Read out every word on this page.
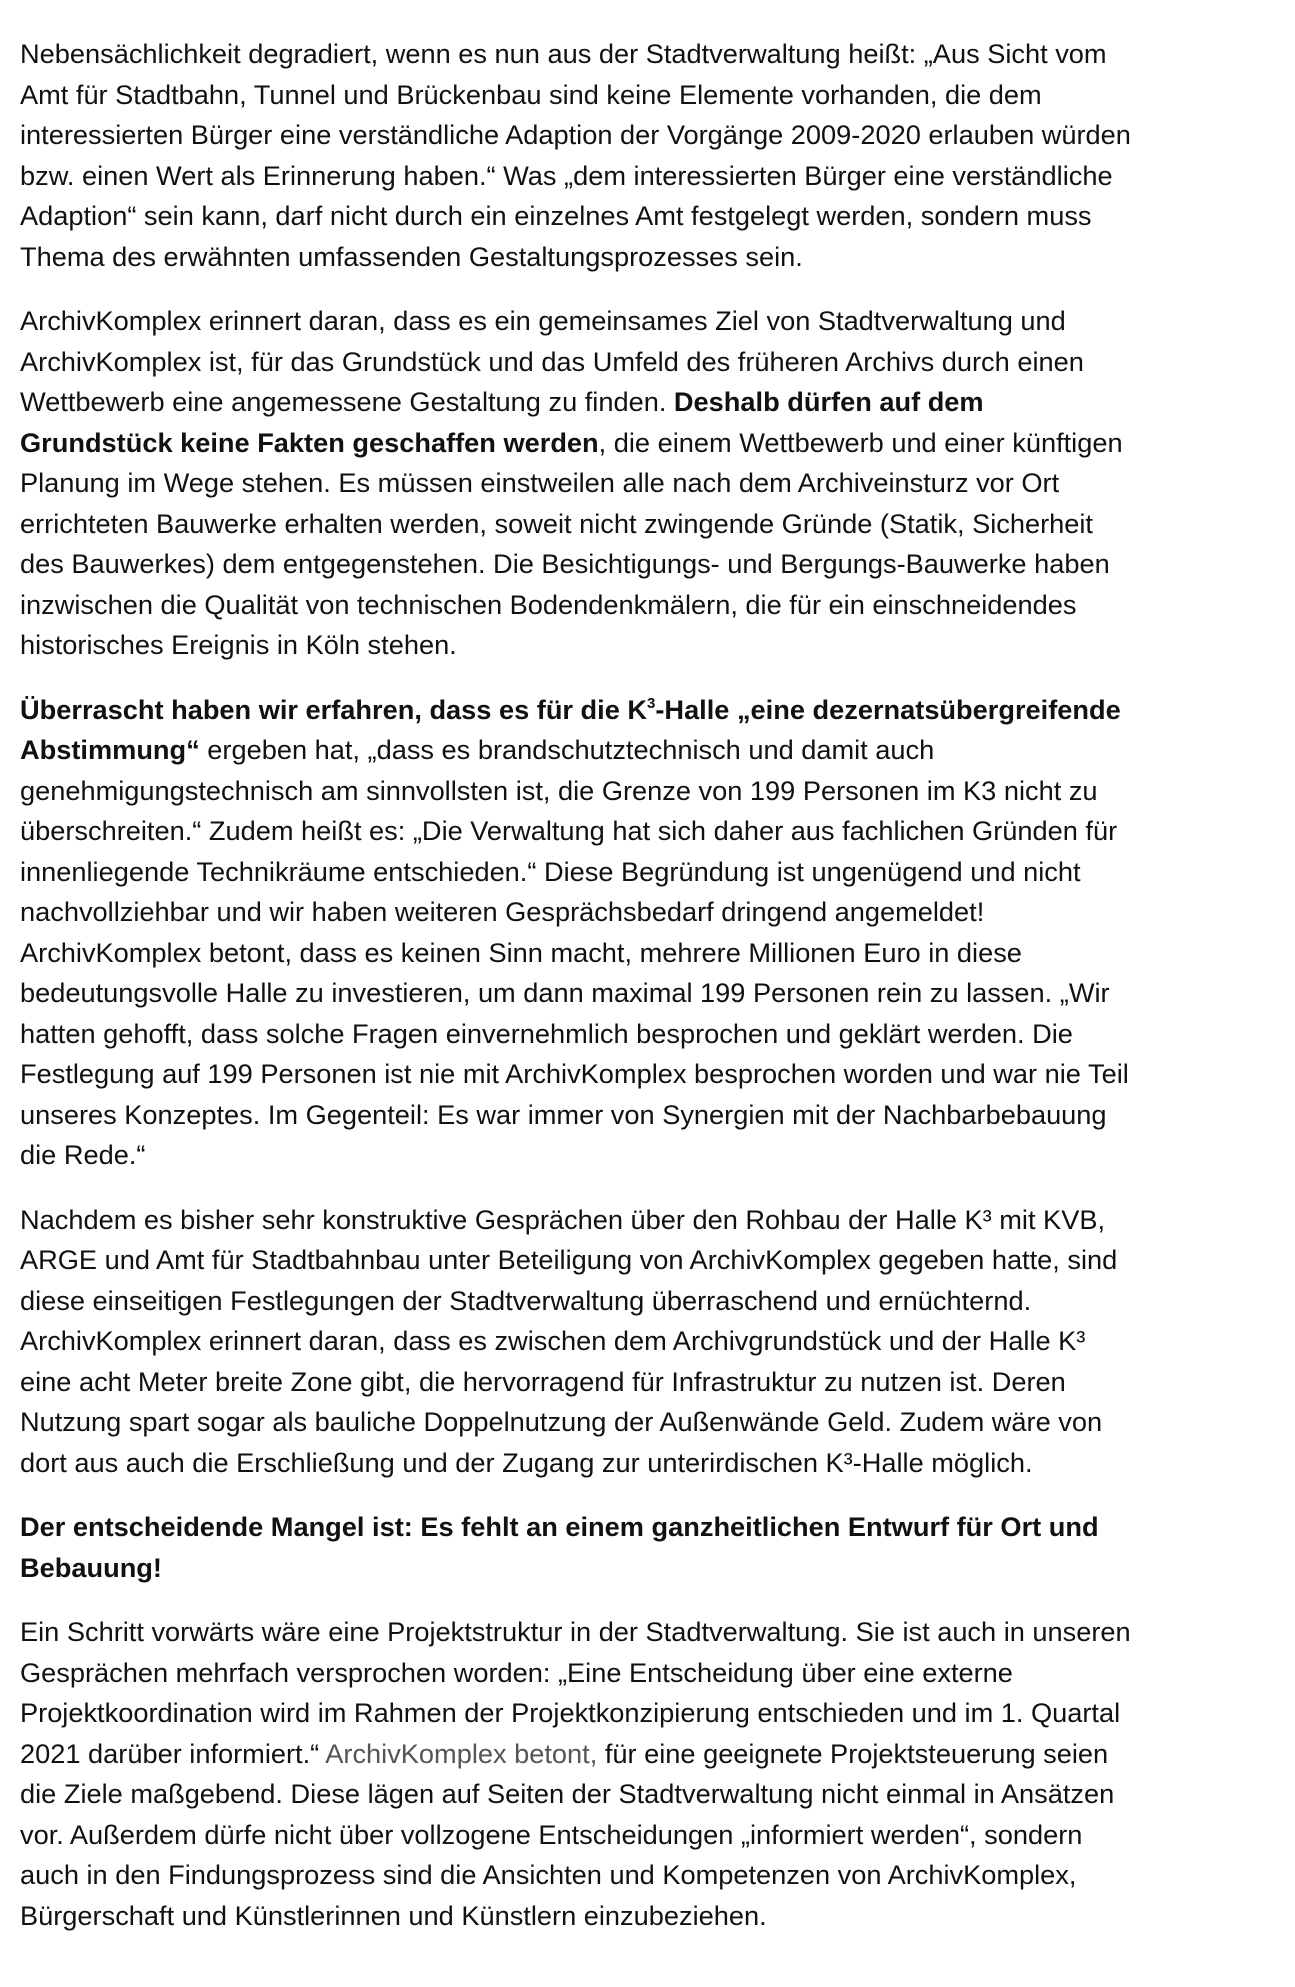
Nebensächlichkeit degradiert, wenn es nun aus der Stadtverwaltung heißt: „Aus Sicht vom
Amt für Stadtbahn, Tunnel und Brückenbau sind keine Elemente vorhanden, die dem
interessierten Bürger eine verständliche Adaption der Vorgänge 2009-2020 erlauben würden
bzw. einen Wert als Erinnerung haben.“ Was „dem interessierten Bürger eine verständliche
Adaption“ sein kann, darf nicht durch ein einzelnes Amt festgelegt werden, sondern muss
Thema des erwähnten umfassenden Gestaltungsprozesses sein.

ArchivKomplex erinnert daran, dass es ein gemeinsames Ziel von Stadtverwaltung und
ArchivKomplex ist, für das Grundstück und das Umfeld des früheren Archivs durch einen
Wettbewerb eine angemessene Gestaltung zu finden. Deshalb dürfen auf dem
Grundstück keine Fakten geschaffen werden, die einem Wettbewerb und einer künftigen
Planung im Wege stehen. Es müssen einstweilen alle nach dem Archiveinsturz vor Ort
errichteten Bauwerke erhalten werden, soweit nicht zwingende Gründe (Statik, Sicherheit
des Bauwerkes) dem entgegenstehen. Die Besichtigungs- und Bergungs-Bauwerke haben
inzwischen die Qualität von technischen Bodendenkmälern, die für ein einschneidendes
historisches Ereignis in Köln stehen.

Überrascht haben wir erfahren, dass es für die $K^3$-Halle „eine dezernatsübergreifende
Abstimmung“ ergeben hat, „dass es brandschutztechnisch und damit auch
genehmigungstechnisch am sinnvollsten ist, die Grenze von 199 Personen im K3 nicht zu
überschreiten.“ Zudem heißt es: „Die Verwaltung hat sich daher aus fachlichen Gründen für
innenliegende Technikräume entschieden.“ Diese Begründung ist ungenügend und nicht
nachvollziehbar und wir haben weiteren Gesprächsbedarf dringend angemeldet!
ArchivKomplex betont, dass es keinen Sinn macht, mehrere Millionen Euro in diese
bedeutungsvolle Halle zu investieren, um dann maximal 199 Personen rein zu lassen. „Wir
hatten gehofft, dass solche Fragen einvernehmlich besprochen und geklärt werden. Die
Festlegung auf 199 Personen ist nie mit ArchivKomplex besprochen worden und war nie Teil
unseres Konzeptes. Im Gegenteil: Es war immer von Synergien mit der Nachbarbebauung
die Rede.“

Nachdem es bisher sehr konstruktive Gesprächen über den Rohbau der Halle K³ mit KVB,
ARGE und Amt für Stadtbahnbau unter Beteiligung von ArchivKomplex gegeben hatte, sind
diese einseitigen Festlegungen der Stadtverwaltung überraschend und ernüchternd.
ArchivKomplex erinnert daran, dass es zwischen dem Archivgrundstück und der Halle K³
eine acht Meter breite Zone gibt, die hervorragend für Infrastruktur zu nutzen ist. Deren
Nutzung spart sogar als bauliche Doppelnutzung der Außenwände Geld. Zudem wäre von
dort aus auch die Erschließung und der Zugang zur unterirdischen K³-Halle möglich.

Der entscheidende Mangel ist: Es fehlt an einem ganzheitlichen Entwurf für Ort und
Bebauung!

Ein Schritt vorwärts wäre eine Projektstruktur in der Stadtverwaltung. Sie ist auch in unseren
Gesprächen mehrfach versprochen worden: „Eine Entscheidung über eine externe
Projektkoordination wird im Rahmen der Projektkonzipierung entschieden und im 1. Quartal
2021 darüber informiert.“ ArchivKomplex betont, für eine geeignete Projektsteuerung seien
die Ziele maßgebend. Diese lägen auf Seiten der Stadtverwaltung nicht einmal in Ansätzen
vor. Außerdem dürfe nicht über vollzogene Entscheidungen „informiert werden“, sondern
auch in den Findungsprozess sind die Ansichten und Kompetenzen von ArchivKomplex,
Bürgerschaft und Künstlerinnen und Künstlern einzubeziehen.
